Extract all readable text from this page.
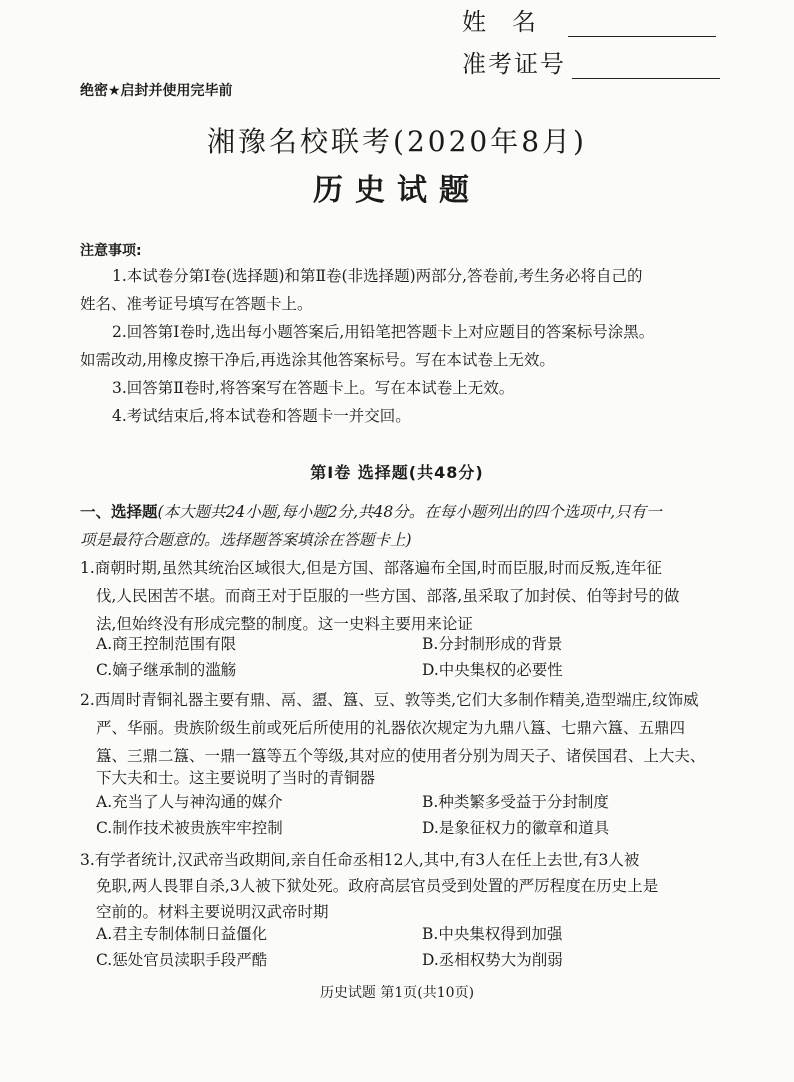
姓名
准考证号
绝密★启封并使用完毕前
湘豫名校联考(2020年8月)
历史试题
注意事项:
1.本试卷分第Ⅰ卷(选择题)和第Ⅱ卷(非选择题)两部分,答卷前,考生务必将自己的
姓名、准考证号填写在答题卡上。
2.回答第Ⅰ卷时,选出每小题答案后,用铅笔把答题卡上对应题目的答案标号涂黑。
如需改动,用橡皮擦干净后,再选涂其他答案标号。写在本试卷上无效。
3.回答第Ⅱ卷时,将答案写在答题卡上。写在本试卷上无效。
4.考试结束后,将本试卷和答题卡一并交回。
第Ⅰ卷 选择题(共48分)
一、选择题(本大题共24小题,每小题2分,共48分。在每小题列出的四个选项中,只有一
项是最符合题意的。选择题答案填涂在答题卡上)
1.商朝时期,虽然其统治区域很大,但是方国、部落遍布全国,时而臣服,时而反叛,连年征
伐,人民困苦不堪。而商王对于臣服的一些方国、部落,虽采取了加封侯、伯等封号的做
法,但始终没有形成完整的制度。这一史料主要用来论证
A.商王控制范围有限	B.分封制形成的背景
C.嫡子继承制的滥觞	D.中央集权的必要性
2.西周时青铜礼器主要有鼎、鬲、盨、簋、豆、敦等类,它们大多制作精美,造型端庄,纹饰威
严、华丽。贵族阶级生前或死后所使用的礼器依次规定为九鼎八簋、七鼎六簋、五鼎四
簋、三鼎二簋、一鼎一簋等五个等级,其对应的使用者分别为周天子、诸侯国君、上大夫、
下大夫和士。这主要说明了当时的青铜器
A.充当了人与神沟通的媒介	B.种类繁多受益于分封制度
C.制作技术被贵族牢牢控制	D.是象征权力的徽章和道具
3.有学者统计,汉武帝当政期间,亲自任命丞相12人,其中,有3人在任上去世,有3人被
免职,两人畏罪自杀,3人被下狱处死。政府高层官员受到处置的严厉程度在历史上是
空前的。材料主要说明汉武帝时期
A.君主专制体制日益僵化	B.中央集权得到加强
C.惩处官员渎职手段严酷	D.丞相权势大为削弱
历史试题 第1页(共10页)
